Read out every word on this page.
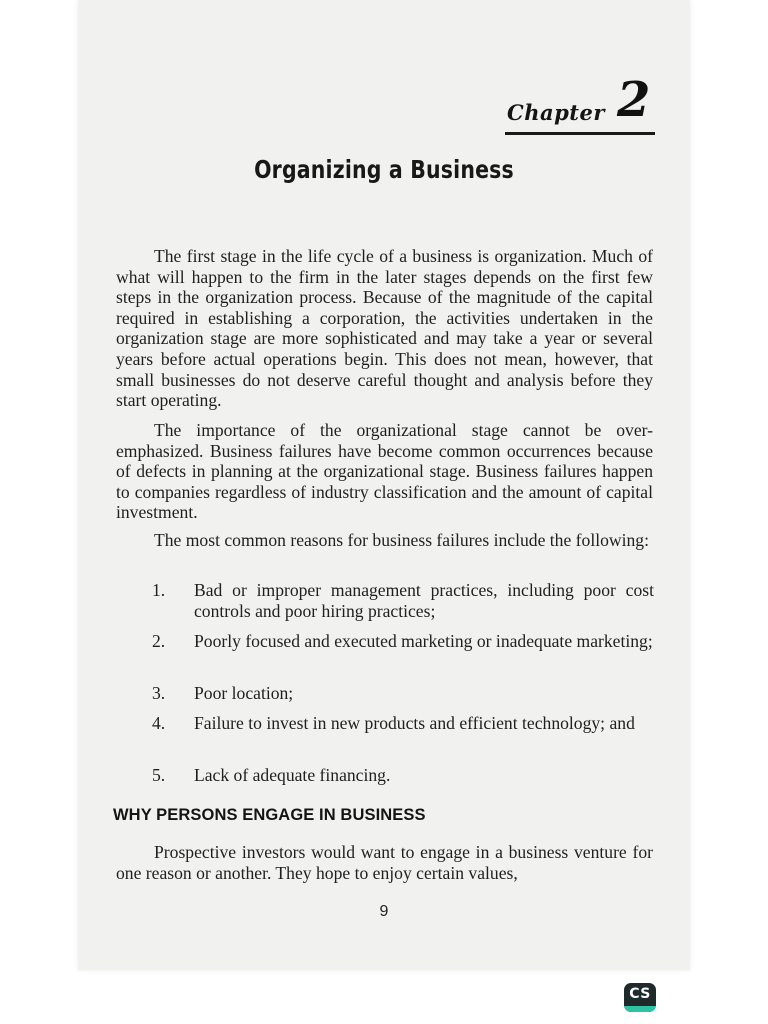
Chapter 2
Organizing a Business

The first stage in the life cycle of a business is organization. Much of what will happen to the firm in the later stages depends on the first few steps in the organization process. Because of the magnitude of the capital required in establishing a corporation, the activities undertaken in the organization stage are more sophisticated and may take a year or several years before actual operations begin. This does not mean, however, that small businesses do not deserve careful thought and analysis before they start operating.

The importance of the organizational stage cannot be over-emphasized. Business failures have become common occurrences because of defects in planning at the organizational stage. Business failures happen to companies regardless of industry classification and the amount of capital investment.

The most common reasons for business failures include the following:

1.	Bad or improper management practices, including poor cost controls and poor hiring practices;
2.	Poorly focused and executed marketing or inadequate marketing;
3.	Poor location;
4.	Failure to invest in new products and efficient technology; and
5.	Lack of adequate financing.
WHY PERSONS ENGAGE IN BUSINESS

Prospective investors would want to engage in a business venture for one reason or another. They hope to enjoy certain values,

9
CS
